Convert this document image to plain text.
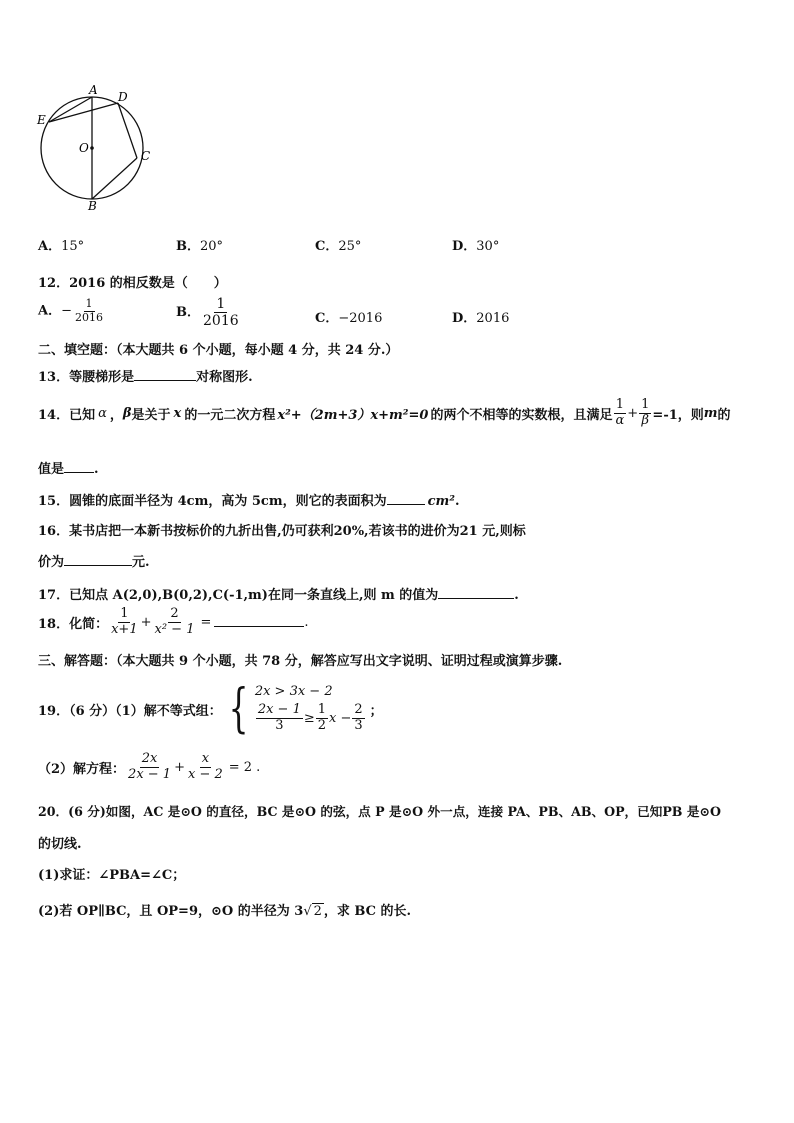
A D
E
O
C
B
A．15°	B．20°	C．25°	D．30°
12．2016 的相反数是（　　）
A．− $\frac{1}{2016}$	B． $\frac{1}{2016}$	C．−2016	D．2016
二、填空题：（本大题共 6 个小题，每小题 4 分，共 24 分.）
13．等腰梯形是	对称图形.
14．已知 α ， β 是关于 x 的一元二次方程 x²+（2m+3）x+m²=0 的两个不相等的实数根，且满足 $\frac{1}{\alpha} + \frac{1}{\beta} =-1$，则 m 的
值是 .
15．圆锥的底面半径为 4cm，高为 5cm，则它的表面积为	cm².
16．某书店把一本新书按标价的九折出售,仍可获利20%,若该书的进价为21 元,则标
价为	元.
17．已知点 A(2,0),B(0,2),C(-1,m)在同一条直线上,则 m 的值为	.
18．化简： $\frac{1}{x+1} + \frac{2}{\text{x² − 1}}$ =	.
三、解答题：（本大题共 9 个小题，共 78 分，解答应写出文字说明、证明过程或演算步骤.
19．（6 分）（1）解不等式组： { 2x > 3x − 2
$\frac{2x - 1}{3} \ge \frac{1}{2}$ $x - \frac{2}{3}$ ；
（2）解方程： $\frac{2x}{2x - 1} + \frac{x}{x - 2} = 2$ .
20．(6 分)如图，AC 是⊙O 的直径，BC 是⊙O 的弦，点 P 是⊙O 外一点，连接 PA、PB、AB、OP，已知PB 是⊙O
的切线.
(1)求证：∠PBA=∠C；
(2)若 OP∥BC，且 OP=9，⊙O 的半径为 3√ 2 ，求 BC 的长.
